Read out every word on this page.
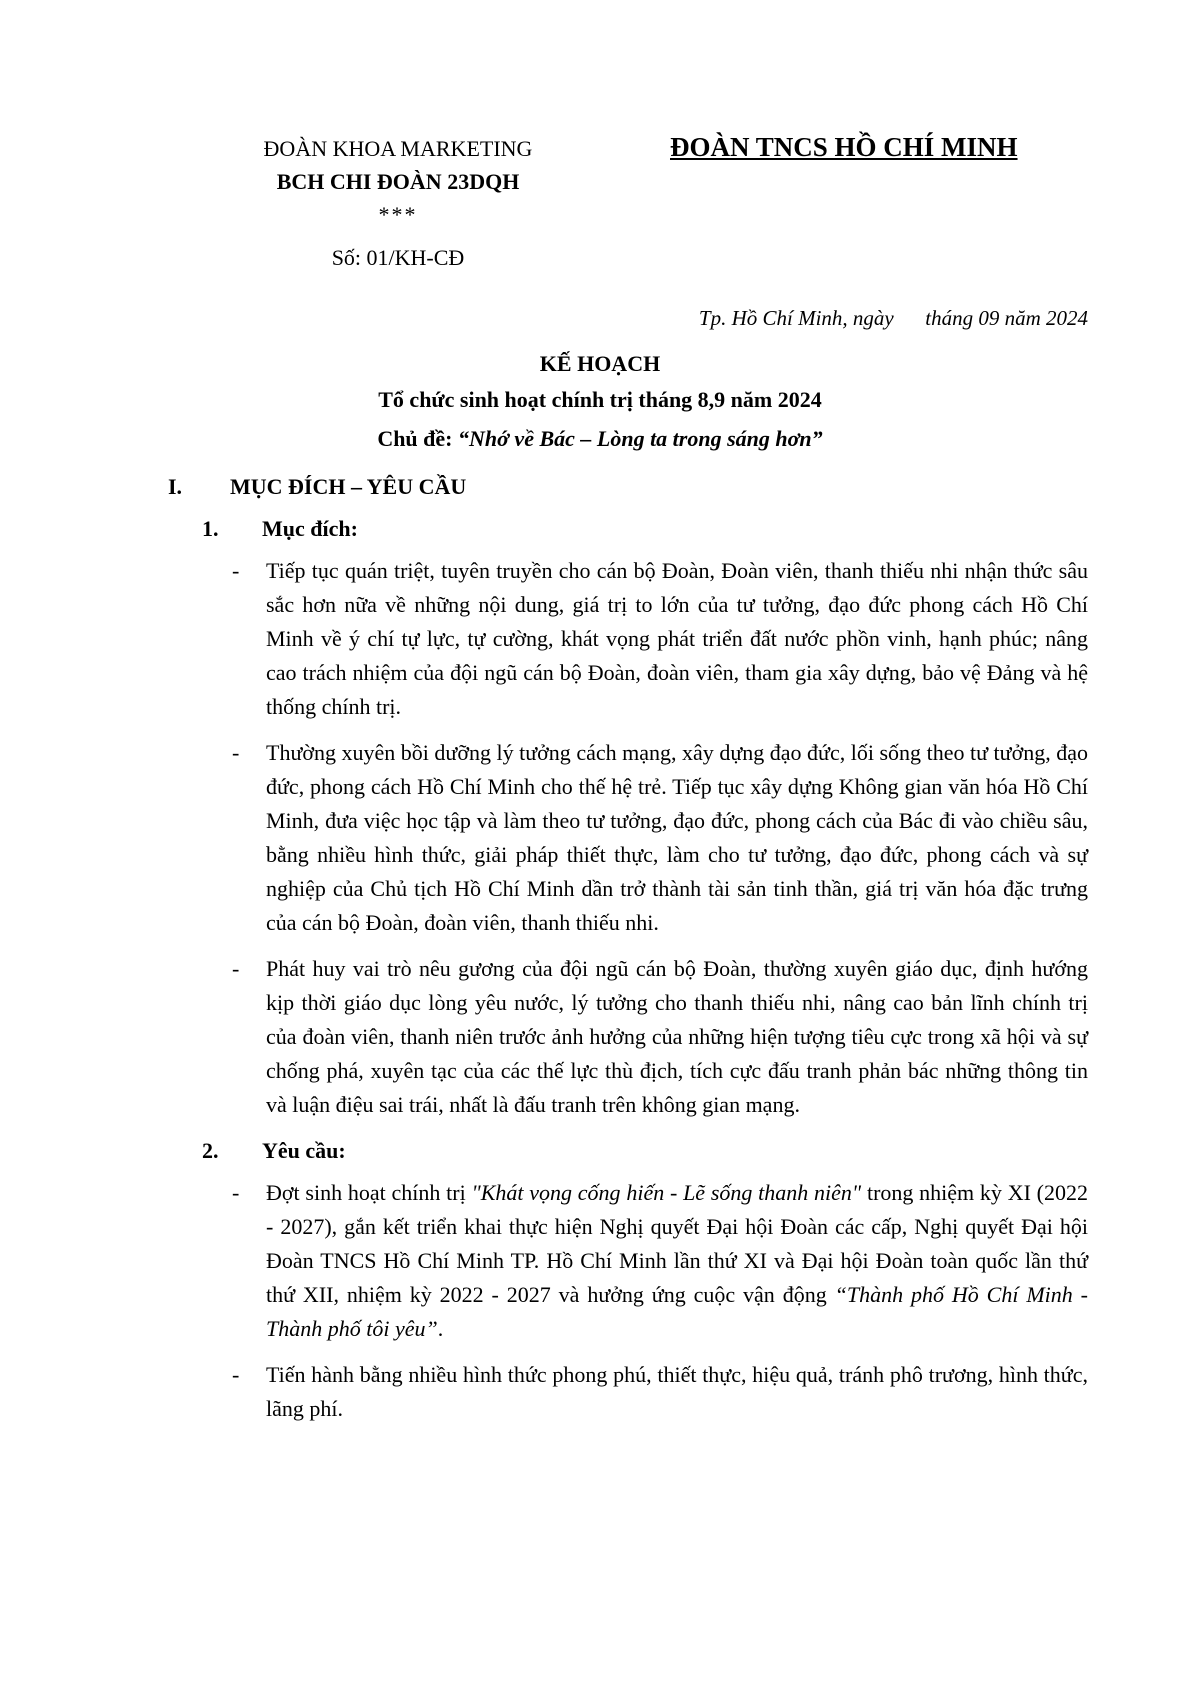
ĐOÀN KHOA MARKETING
BCH CHI ĐOÀN 23DQH
***
Số: 01/KH-CĐ
ĐOÀN TNCS HỒ CHÍ MINH
Tp. Hồ Chí Minh, ngày      tháng 09 năm 2024
KẾ HOẠCH
Tổ chức sinh hoạt chính trị tháng 8,9 năm 2024
Chủ đề: “Nhớ về Bác – Lòng ta trong sáng hơn”
I.	MỤC ĐÍCH – YÊU CẦU
1.	Mục đích:
-	Tiếp tục quán triệt, tuyên truyền cho cán bộ Đoàn, Đoàn viên, thanh thiếu nhi nhận thức sâu sắc hơn nữa về những nội dung, giá trị to lớn của tư tưởng, đạo đức phong cách Hồ Chí Minh về ý chí tự lực, tự cường, khát vọng phát triển đất nước phồn vinh, hạnh phúc; nâng cao trách nhiệm của đội ngũ cán bộ Đoàn, đoàn viên, tham gia xây dựng, bảo vệ Đảng và hệ thống chính trị.
-	Thường xuyên bồi dưỡng lý tưởng cách mạng, xây dựng đạo đức, lối sống theo tư tưởng, đạo đức, phong cách Hồ Chí Minh cho thế hệ trẻ. Tiếp tục xây dựng Không gian văn hóa Hồ Chí Minh, đưa việc học tập và làm theo tư tưởng, đạo đức, phong cách của Bác đi vào chiều sâu, bằng nhiều hình thức, giải pháp thiết thực, làm cho tư tưởng, đạo đức, phong cách và sự nghiệp của Chủ tịch Hồ Chí Minh dần trở thành tài sản tinh thần, giá trị văn hóa đặc trưng của cán bộ Đoàn, đoàn viên, thanh thiếu nhi.
-	Phát huy vai trò nêu gương của đội ngũ cán bộ Đoàn, thường xuyên giáo dục, định hướng kịp thời giáo dục lòng yêu nước, lý tưởng cho thanh thiếu nhi, nâng cao bản lĩnh chính trị của đoàn viên, thanh niên trước ảnh hưởng của những hiện tượng tiêu cực trong xã hội và sự chống phá, xuyên tạc của các thế lực thù địch, tích cực đấu tranh phản bác những thông tin và luận điệu sai trái, nhất là đấu tranh trên không gian mạng.
2.	Yêu cầu:
-	Đợt sinh hoạt chính trị "Khát vọng cống hiến - Lẽ sống thanh niên" trong nhiệm kỳ XI (2022 - 2027), gắn kết triển khai thực hiện Nghị quyết Đại hội Đoàn các cấp, Nghị quyết Đại hội Đoàn TNCS Hồ Chí Minh TP. Hồ Chí Minh lần thứ XI và Đại hội Đoàn toàn quốc lần thứ thứ XII, nhiệm kỳ 2022 - 2027 và hưởng ứng cuộc vận động “Thành phố Hồ Chí Minh - Thành phố tôi yêu”.
-	Tiến hành bằng nhiều hình thức phong phú, thiết thực, hiệu quả, tránh phô trương, hình thức, lãng phí.
